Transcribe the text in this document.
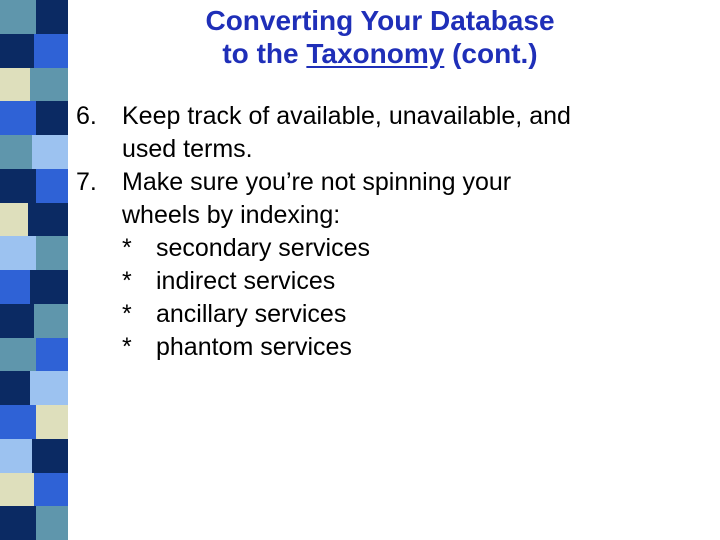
Converting Your Database
to the Taxonomy (cont.)
6. Keep track of available, unavailable, and
used terms.
7. Make sure you’re not spinning your
wheels by indexing:
* secondary services
* indirect services
* ancillary services
* phantom services
